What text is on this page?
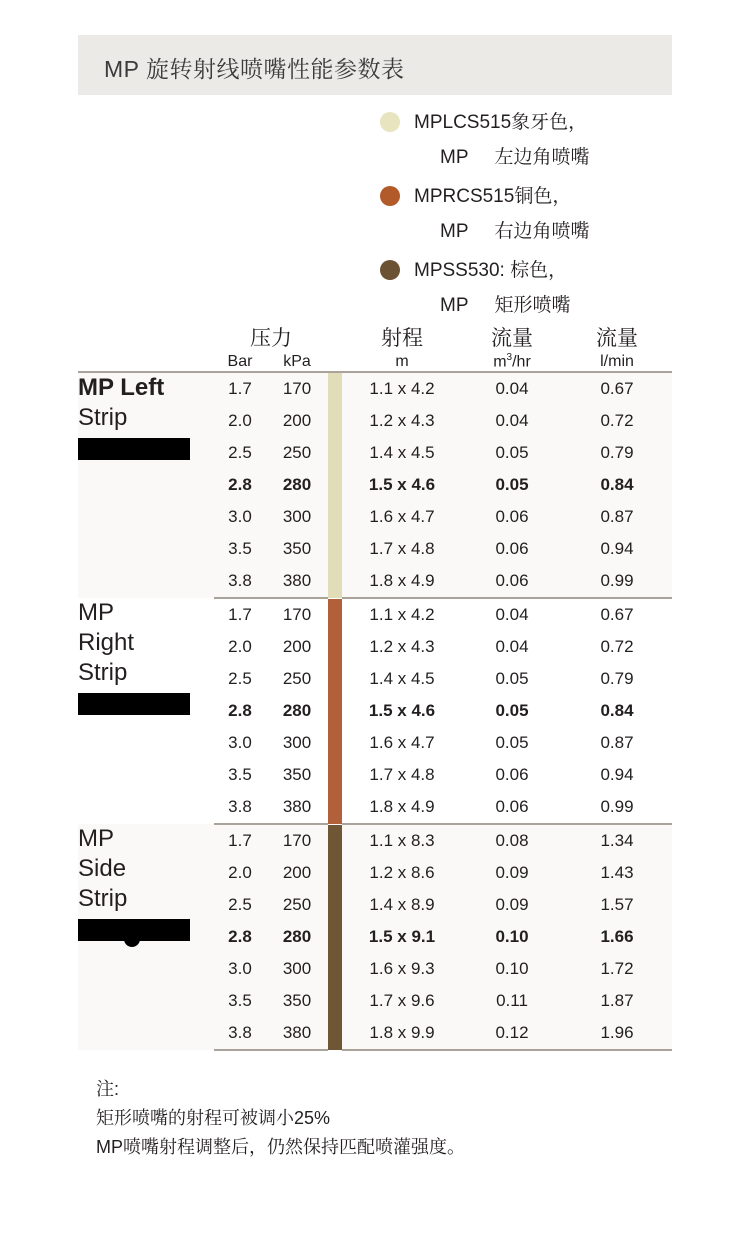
MP 旋转射线喷嘴性能参数表
MPLCS515象牙色，
MP 左边角喷嘴
MPRCS515铜色，
MP 右边角喷嘴
MPSS530: 棕色，
MP 矩形喷嘴
	压力			射程	流量	流量
	Bar	kPa		m	$m^3/hr$	l/min

MP Left
Strip	1.7	170		1.1 x 4.2	0.04	0.67
	2.0	200		1.2 x 4.3	0.04	0.72
	2.5	250		1.4 x 4.5	0.05	0.79
	2.8	280		1.5 x 4.6	0.05	0.84
	3.0	300		1.6 x 4.7	0.06	0.87
	3.5	350		1.7 x 4.8	0.06	0.94
	3.8	380		1.8 x 4.9	0.06	0.99

MP
Right
Strip	1.7	170		1.1 x 4.2	0.04	0.67
	2.0	200		1.2 x 4.3	0.04	0.72
	2.5	250		1.4 x 4.5	0.05	0.79
	2.8	280		1.5 x 4.6	0.05	0.84
	3.0	300		1.6 x 4.7	0.05	0.87
	3.5	350		1.7 x 4.8	0.06	0.94
	3.8	380		1.8 x 4.9	0.06	0.99

MP
Side
Strip	1.7	170		1.1 x 8.3	0.08	1.34
	2.0	200		1.2 x 8.6	0.09	1.43
	2.5	250		1.4 x 8.9	0.09	1.57
	2.8	280		1.5 x 9.1	0.10	1.66
	3.0	300		1.6 x 9.3	0.10	1.72
	3.5	350		1.7 x 9.6	0.11	1.87
	3.8	380		1.8 x 9.9	0.12	1.96
注:
矩形喷嘴的射程可被调小25%
MP喷嘴射程调整后，仍然保持匹配喷灌强度。
